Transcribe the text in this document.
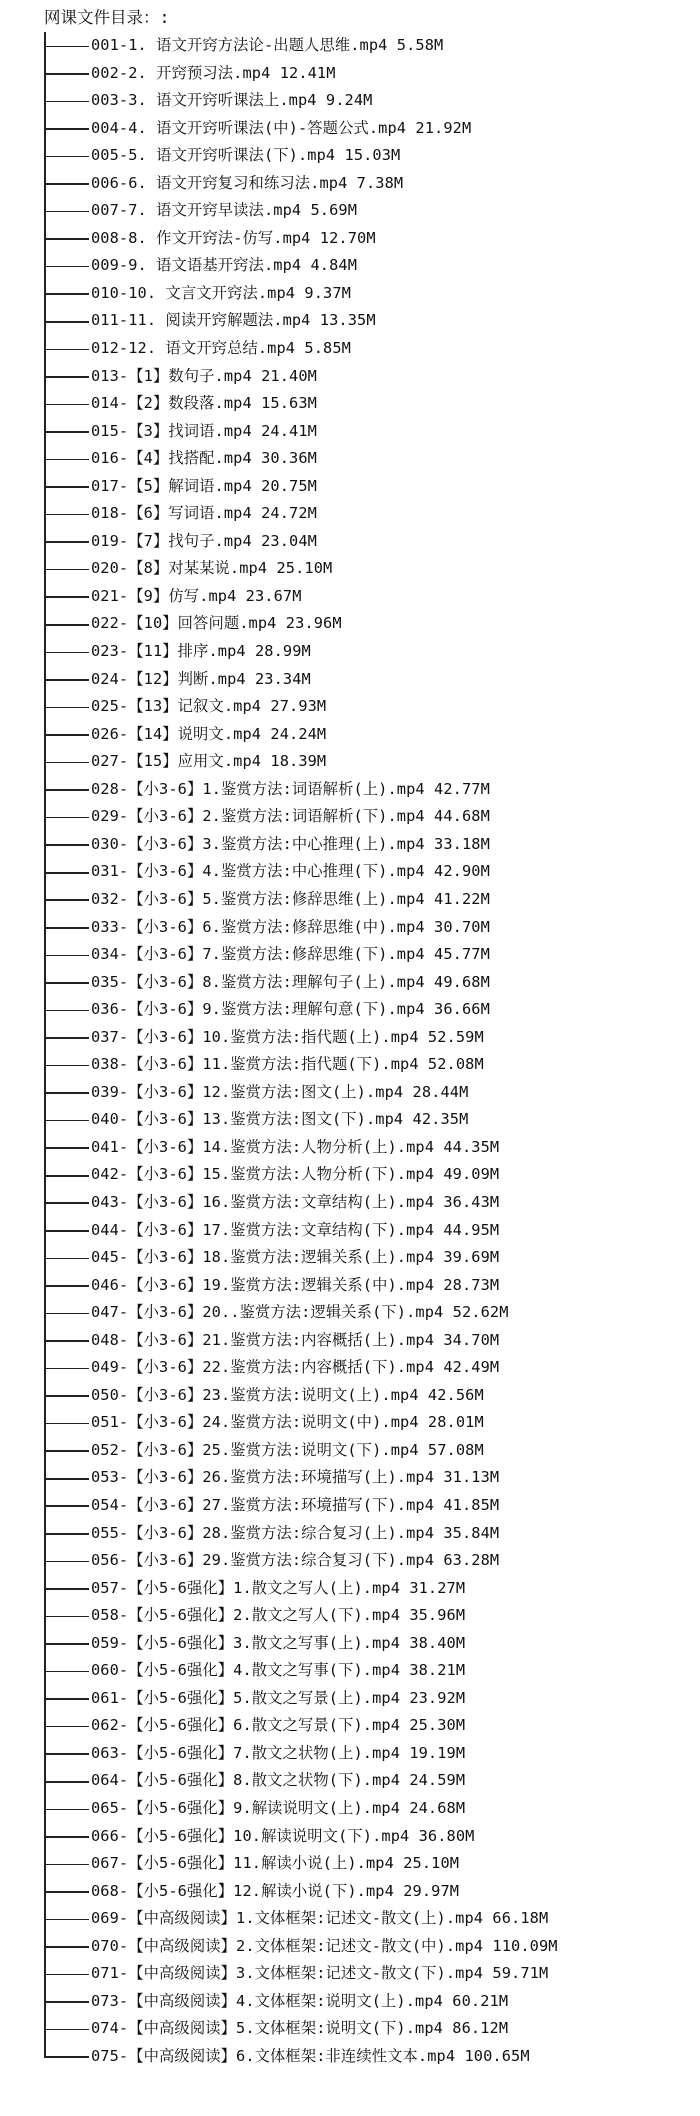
网课文件目录：:
001-1. 语文开窍方法论-出题人思维.mp4 5.58M
002-2. 开窍预习法.mp4 12.41M
003-3. 语文开窍听课法上.mp4 9.24M
004-4. 语文开窍听课法(中)-答题公式.mp4 21.92M
005-5. 语文开窍听课法(下).mp4 15.03M
006-6. 语文开窍复习和练习法.mp4 7.38M
007-7. 语文开窍早读法.mp4 5.69M
008-8. 作文开窍法-仿写.mp4 12.70M
009-9. 语文语基开窍法.mp4 4.84M
010-10. 文言文开窍法.mp4 9.37M
011-11. 阅读开窍解题法.mp4 13.35M
012-12. 语文开窍总结.mp4 5.85M
013-【1】数句子.mp4 21.40M
014-【2】数段落.mp4 15.63M
015-【3】找词语.mp4 24.41M
016-【4】找搭配.mp4 30.36M
017-【5】解词语.mp4 20.75M
018-【6】写词语.mp4 24.72M
019-【7】找句子.mp4 23.04M
020-【8】对某某说.mp4 25.10M
021-【9】仿写.mp4 23.67M
022-【10】回答问题.mp4 23.96M
023-【11】排序.mp4 28.99M
024-【12】判断.mp4 23.34M
025-【13】记叙文.mp4 27.93M
026-【14】说明文.mp4 24.24M
027-【15】应用文.mp4 18.39M
028-【小3-6】1.鉴赏方法:词语解析(上).mp4 42.77M
029-【小3-6】2.鉴赏方法:词语解析(下).mp4 44.68M
030-【小3-6】3.鉴赏方法:中心推理(上).mp4 33.18M
031-【小3-6】4.鉴赏方法:中心推理(下).mp4 42.90M
032-【小3-6】5.鉴赏方法:修辞思维(上).mp4 41.22M
033-【小3-6】6.鉴赏方法:修辞思维(中).mp4 30.70M
034-【小3-6】7.鉴赏方法:修辞思维(下).mp4 45.77M
035-【小3-6】8.鉴赏方法:理解句子(上).mp4 49.68M
036-【小3-6】9.鉴赏方法:理解句意(下).mp4 36.66M
037-【小3-6】10.鉴赏方法:指代题(上).mp4 52.59M
038-【小3-6】11.鉴赏方法:指代题(下).mp4 52.08M
039-【小3-6】12.鉴赏方法:图文(上).mp4 28.44M
040-【小3-6】13.鉴赏方法:图文(下).mp4 42.35M
041-【小3-6】14.鉴赏方法:人物分析(上).mp4 44.35M
042-【小3-6】15.鉴赏方法:人物分析(下).mp4 49.09M
043-【小3-6】16.鉴赏方法:文章结构(上).mp4 36.43M
044-【小3-6】17.鉴赏方法:文章结构(下).mp4 44.95M
045-【小3-6】18.鉴赏方法:逻辑关系(上).mp4 39.69M
046-【小3-6】19.鉴赏方法:逻辑关系(中).mp4 28.73M
047-【小3-6】20..鉴赏方法:逻辑关系(下).mp4 52.62M
048-【小3-6】21.鉴赏方法:内容概括(上).mp4 34.70M
049-【小3-6】22.鉴赏方法:内容概括(下).mp4 42.49M
050-【小3-6】23.鉴赏方法:说明文(上).mp4 42.56M
051-【小3-6】24.鉴赏方法:说明文(中).mp4 28.01M
052-【小3-6】25.鉴赏方法:说明文(下).mp4 57.08M
053-【小3-6】26.鉴赏方法:环境描写(上).mp4 31.13M
054-【小3-6】27.鉴赏方法:环境描写(下).mp4 41.85M
055-【小3-6】28.鉴赏方法:综合复习(上).mp4 35.84M
056-【小3-6】29.鉴赏方法:综合复习(下).mp4 63.28M
057-【小5-6强化】1.散文之写人(上).mp4 31.27M
058-【小5-6强化】2.散文之写人(下).mp4 35.96M
059-【小5-6强化】3.散文之写事(上).mp4 38.40M
060-【小5-6强化】4.散文之写事(下).mp4 38.21M
061-【小5-6强化】5.散文之写景(上).mp4 23.92M
062-【小5-6强化】6.散文之写景(下).mp4 25.30M
063-【小5-6强化】7.散文之状物(上).mp4 19.19M
064-【小5-6强化】8.散文之状物(下).mp4 24.59M
065-【小5-6强化】9.解读说明文(上).mp4 24.68M
066-【小5-6强化】10.解读说明文(下).mp4 36.80M
067-【小5-6强化】11.解读小说(上).mp4 25.10M
068-【小5-6强化】12.解读小说(下).mp4 29.97M
069-【中高级阅读】1.文体框架:记述文-散文(上).mp4 66.18M
070-【中高级阅读】2.文体框架:记述文-散文(中).mp4 110.09M
071-【中高级阅读】3.文体框架:记述文-散文(下).mp4 59.71M
073-【中高级阅读】4.文体框架:说明文(上).mp4 60.21M
074-【中高级阅读】5.文体框架:说明文(下).mp4 86.12M
075-【中高级阅读】6.文体框架:非连续性文本.mp4 100.65M
